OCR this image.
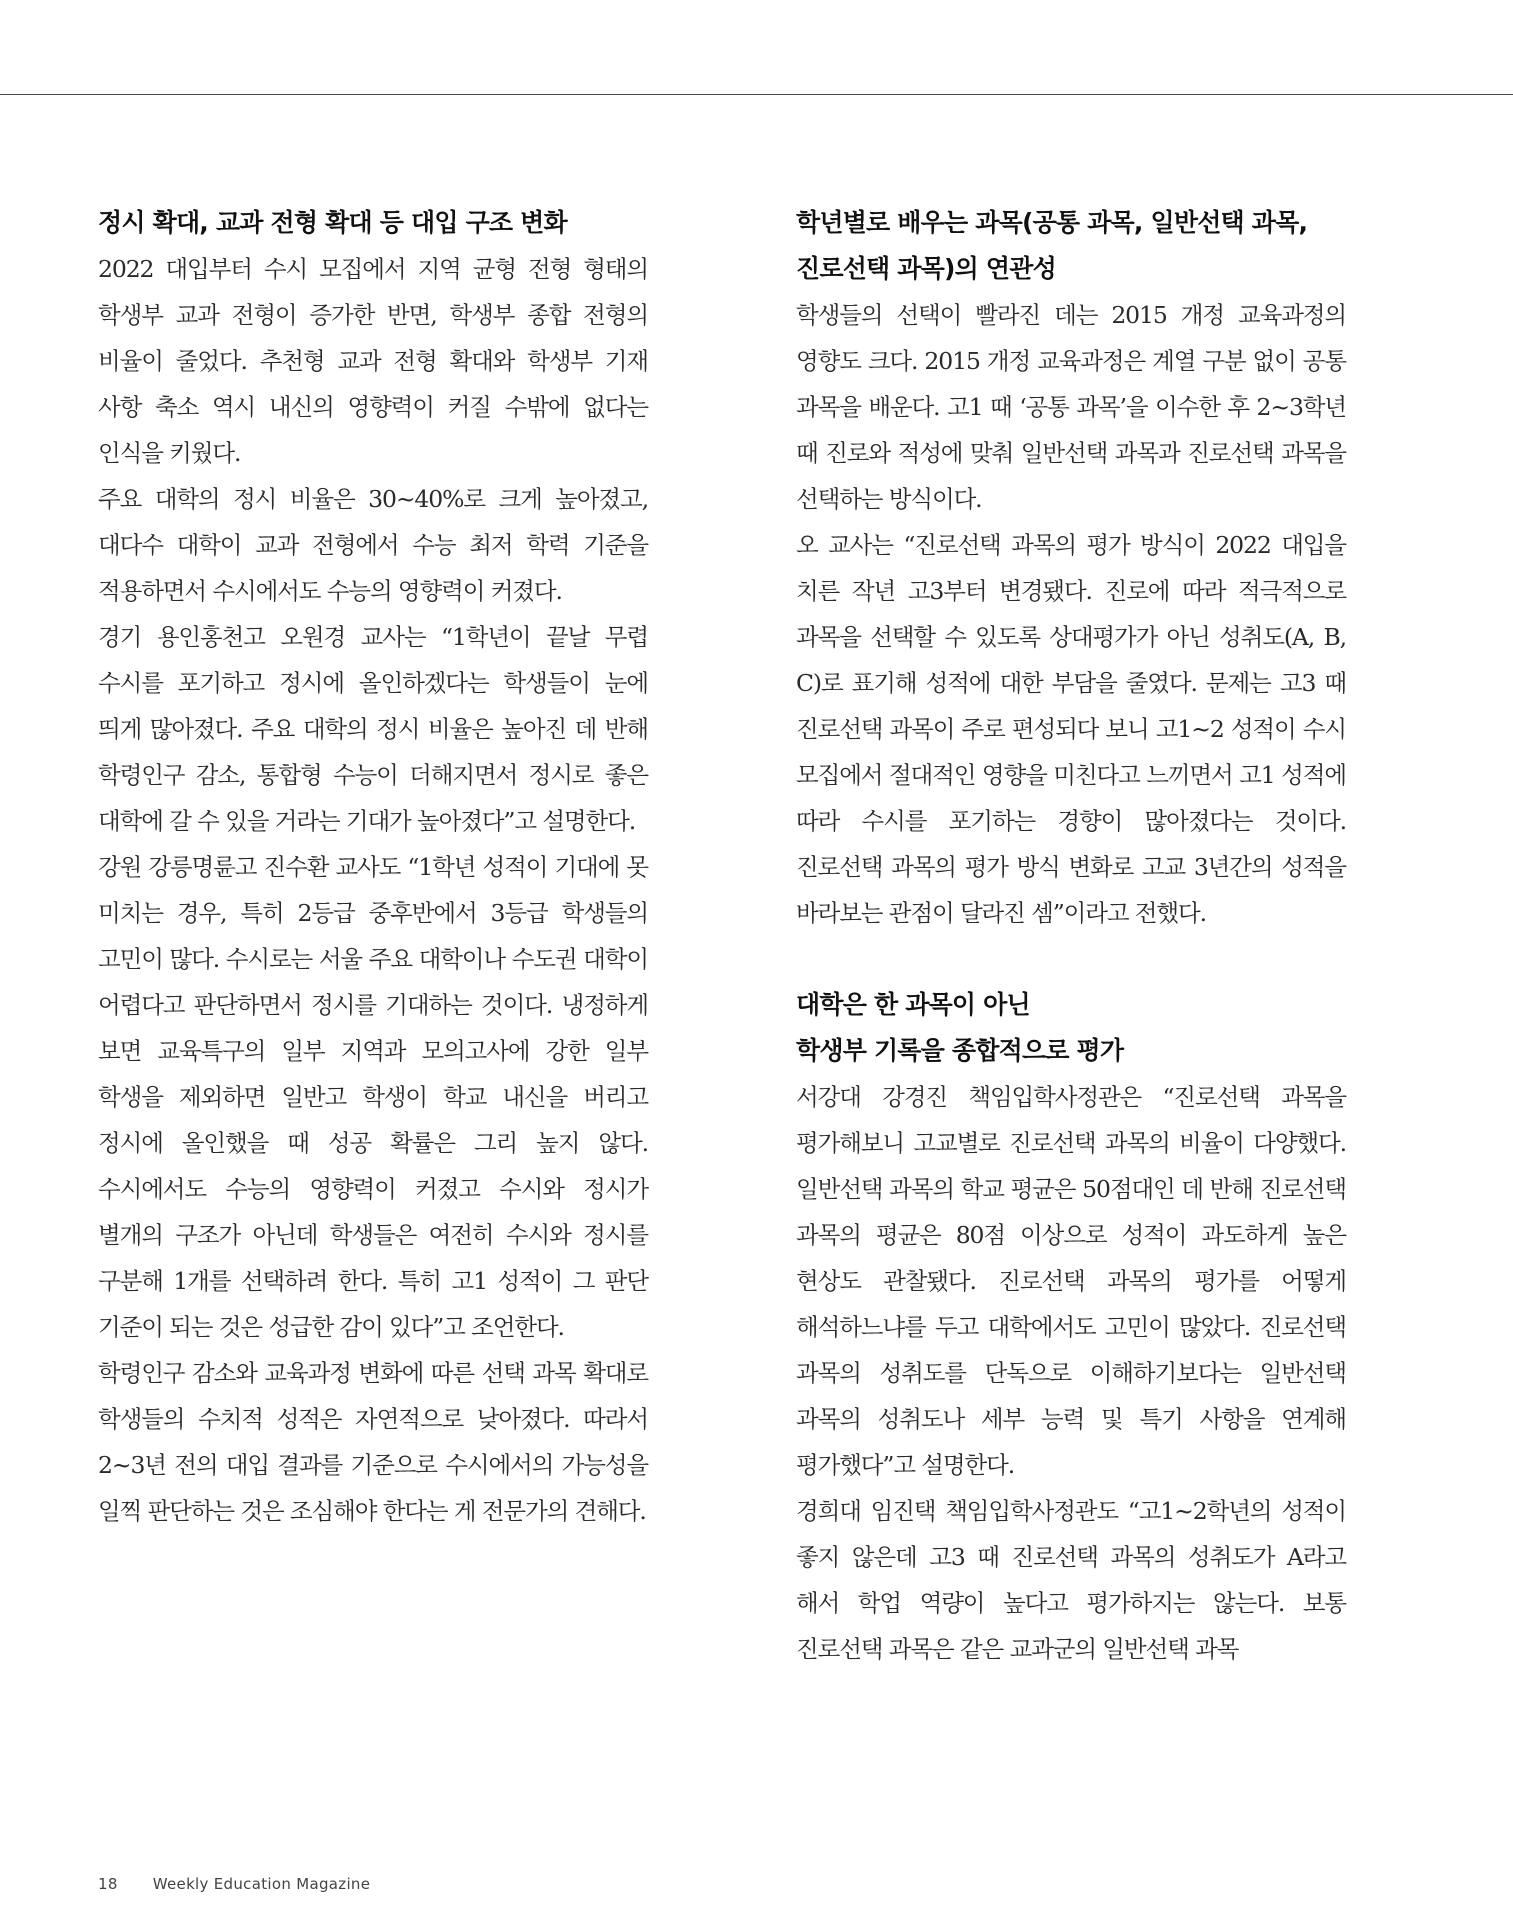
정시 확대, 교과 전형 확대 등 대입 구조 변화

2022 대입부터 수시 모집에서 지역 균형 전형 형태의 학생부 교과 전형이 증가한 반면, 학생부 종합 전형의 비율이 줄었다. 추천형 교과 전형 확대와 학생부 기재 사항 축소 역시 내신의 영향력이 커질 수밖에 없다는 인식을 키웠다.

주요 대학의 정시 비율은 30~40%로 크게 높아졌고, 대다수 대학이 교과 전형에서 수능 최저 학력 기준을 적용하면서 수시에서도 수능의 영향력이 커졌다.

경기 용인홍천고 오원경 교사는 “1학년이 끝날 무렵 수시를 포기하고 정시에 올인하겠다는 학생들이 눈에 띄게 많아졌다. 주요 대학의 정시 비율은 높아진 데 반해 학령인구 감소, 통합형 수능이 더해지면서 정시로 좋은 대학에 갈 수 있을 거라는 기대가 높아졌다”고 설명한다.

강원 강릉명륜고 진수환 교사도 “1학년 성적이 기대에 못 미치는 경우, 특히 2등급 중후반에서 3등급 학생들의 고민이 많다. 수시로는 서울 주요 대학이나 수도권 대학이 어렵다고 판단하면서 정시를 기대하는 것이다. 냉정하게 보면 교육특구의 일부 지역과 모의고사에 강한 일부 학생을 제외하면 일반고 학생이 학교 내신을 버리고 정시에 올인했을 때 성공 확률은 그리 높지 않다. 수시에서도 수능의 영향력이 커졌고 수시와 정시가 별개의 구조가 아닌데 학생들은 여전히 수시와 정시를 구분해 1개를 선택하려 한다. 특히 고1 성적이 그 판단 기준이 되는 것은 성급한 감이 있다”고 조언한다.

학령인구 감소와 교육과정 변화에 따른 선택 과목 확대로 학생들의 수치적 성적은 자연적으로 낮아졌다. 따라서 2~3년 전의 대입 결과를 기준으로 수시에서의 가능성을 일찍 판단하는 것은 조심해야 한다는 게 전문가의 견해다.

학년별로 배우는 과목(공통 과목, 일반선택 과목,
진로선택 과목)의 연관성

학생들의 선택이 빨라진 데는 2015 개정 교육과정의 영향도 크다. 2015 개정 교육과정은 계열 구분 없이 공통 과목을 배운다. 고1 때 ‘공통 과목’을 이수한 후 2~3학년 때 진로와 적성에 맞춰 일반선택 과목과 진로선택 과목을 선택하는 방식이다.

오 교사는 “진로선택 과목의 평가 방식이 2022 대입을 치른 작년 고3부터 변경됐다. 진로에 따라 적극적으로 과목을 선택할 수 있도록 상대평가가 아닌 성취도(A, B, C)로 표기해 성적에 대한 부담을 줄였다. 문제는 고3 때 진로선택 과목이 주로 편성되다 보니 고1~2 성적이 수시 모집에서 절대적인 영향을 미친다고 느끼면서 고1 성적에 따라 수시를 포기하는 경향이 많아졌다는 것이다. 진로선택 과목의 평가 방식 변화로 고교 3년간의 성적을 바라보는 관점이 달라진 셈”이라고 전했다.

대학은 한 과목이 아닌
학생부 기록을 종합적으로 평가

서강대 강경진 책임입학사정관은 “진로선택 과목을 평가해보니 고교별로 진로선택 과목의 비율이 다양했다. 일반선택 과목의 학교 평균은 50점대인 데 반해 진로선택 과목의 평균은 80점 이상으로 성적이 과도하게 높은 현상도 관찰됐다. 진로선택 과목의 평가를 어떻게 해석하느냐를 두고 대학에서도 고민이 많았다. 진로선택 과목의 성취도를 단독으로 이해하기보다는 일반선택 과목의 성취도나 세부 능력 및 특기 사항을 연계해 평가했다”고 설명한다.

경희대 임진택 책임입학사정관도 “고1~2학년의 성적이 좋지 않은데 고3 때 진로선택 과목의 성취도가 A라고 해서 학업 역량이 높다고 평가하지는 않는다. 보통 진로선택 과목은 같은 교과군의 일반선택 과목

18 Weekly Education Magazine
